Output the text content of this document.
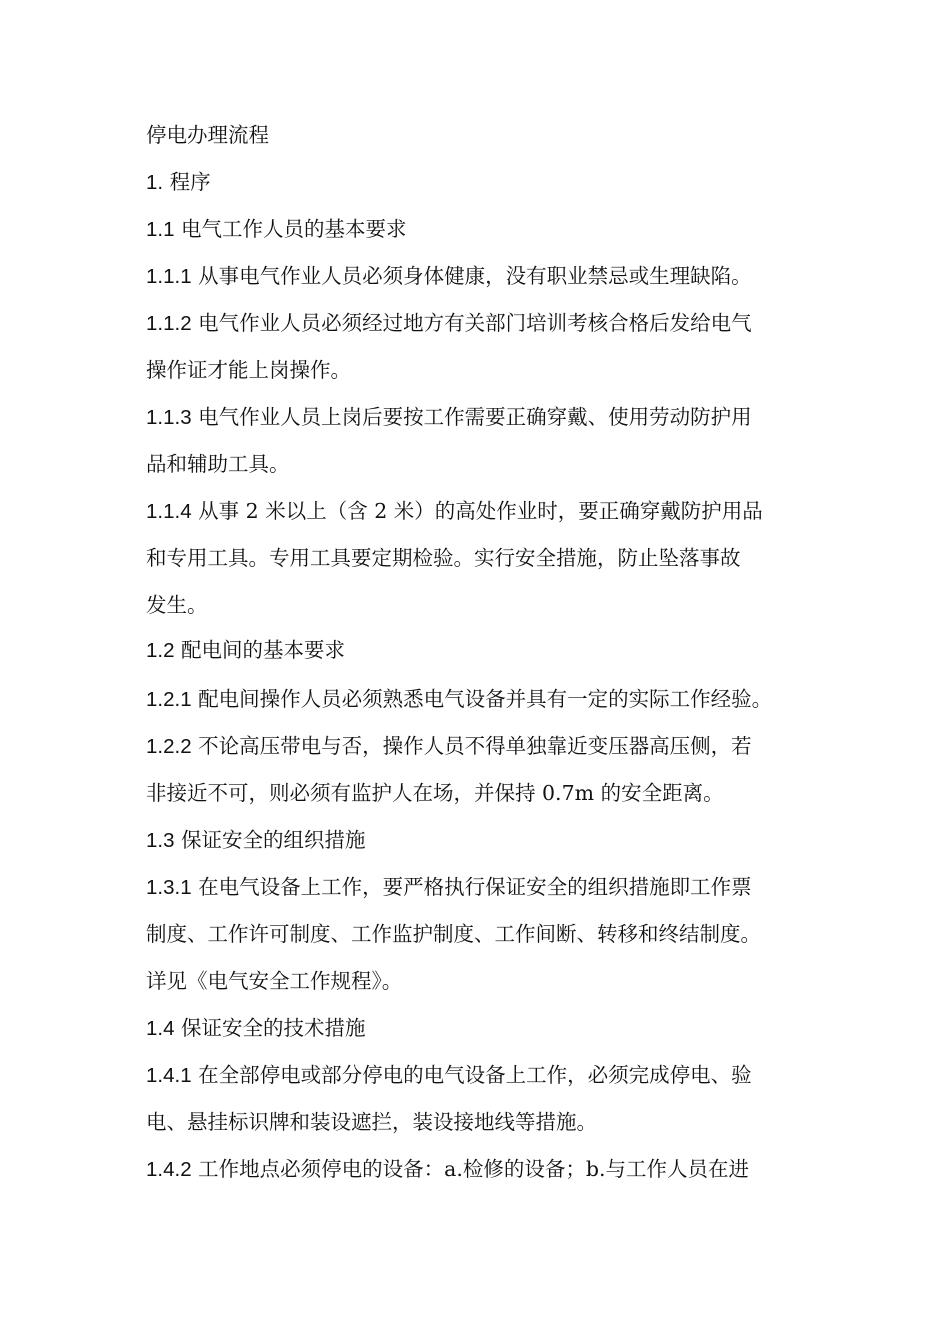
停电办理流程
1. 程序
1.1 电气工作人员的基本要求
1.1.1 从事电气作业人员必须身体健康，没有职业禁忌或生理缺陷。
1.1.2 电气作业人员必须经过地方有关部门培训考核合格后发给电气
操作证才能上岗操作。
1.1.3 电气作业人员上岗后要按工作需要正确穿戴、使用劳动防护用
品和辅助工具。
1.1.4 从事 2 米以上（含 2 米）的高处作业时，要正确穿戴防护用品
和专用工具。专用工具要定期检验。实行安全措施，防止坠落事故
发生。
1.2 配电间的基本要求
1.2.1 配电间操作人员必须熟悉电气设备并具有一定的实际工作经验。
1.2.2 不论高压带电与否，操作人员不得单独靠近变压器高压侧，若
非接近不可，则必须有监护人在场，并保持 0.7m 的安全距离。
1.3 保证安全的组织措施
1.3.1 在电气设备上工作，要严格执行保证安全的组织措施即工作票
制度、工作许可制度、工作监护制度、工作间断、转移和终结制度。
详见《电气安全工作规程》。
1.4 保证安全的技术措施
1.4.1 在全部停电或部分停电的电气设备上工作，必须完成停电、验
电、悬挂标识牌和装设遮拦，装设接地线等措施。
1.4.2 工作地点必须停电的设备：a.检修的设备；b.与工作人员在进
